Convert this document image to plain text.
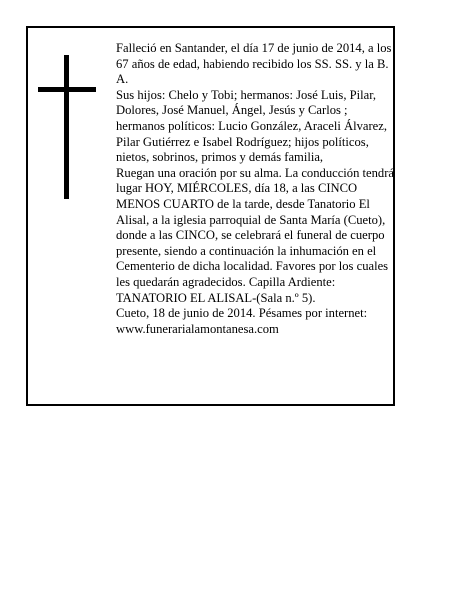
Falleció en Santander, el día 17 de junio de 2014, a los
67 años de edad, habiendo recibido los SS. SS. y la B.
A.
Sus hijos: Chelo y Tobi; hermanos: José Luis, Pilar,
Dolores, José Manuel, Ángel, Jesús y Carlos ;
hermanos políticos: Lucio González, Araceli Álvarez,
Pilar Gutiérrez e Isabel Rodríguez; hijos políticos,
nietos, sobrinos, primos y demás familia,
Ruegan una oración por su alma. La conducción tendrá
lugar HOY, MIÉRCOLES, día 18, a las CINCO
MENOS CUARTO de la tarde, desde Tanatorio El
Alisal, a la iglesia parroquial de Santa María (Cueto),
donde a las CINCO, se celebrará el funeral de cuerpo
presente, siendo a continuación la inhumación en el
Cementerio de dicha localidad. Favores por los cuales
les quedarán agradecidos. Capilla Ardiente:
TANATORIO EL ALISAL-(Sala n.º 5).
Cueto, 18 de junio de 2014. Pésames por internet:
www.funerarialamontanesa.com
